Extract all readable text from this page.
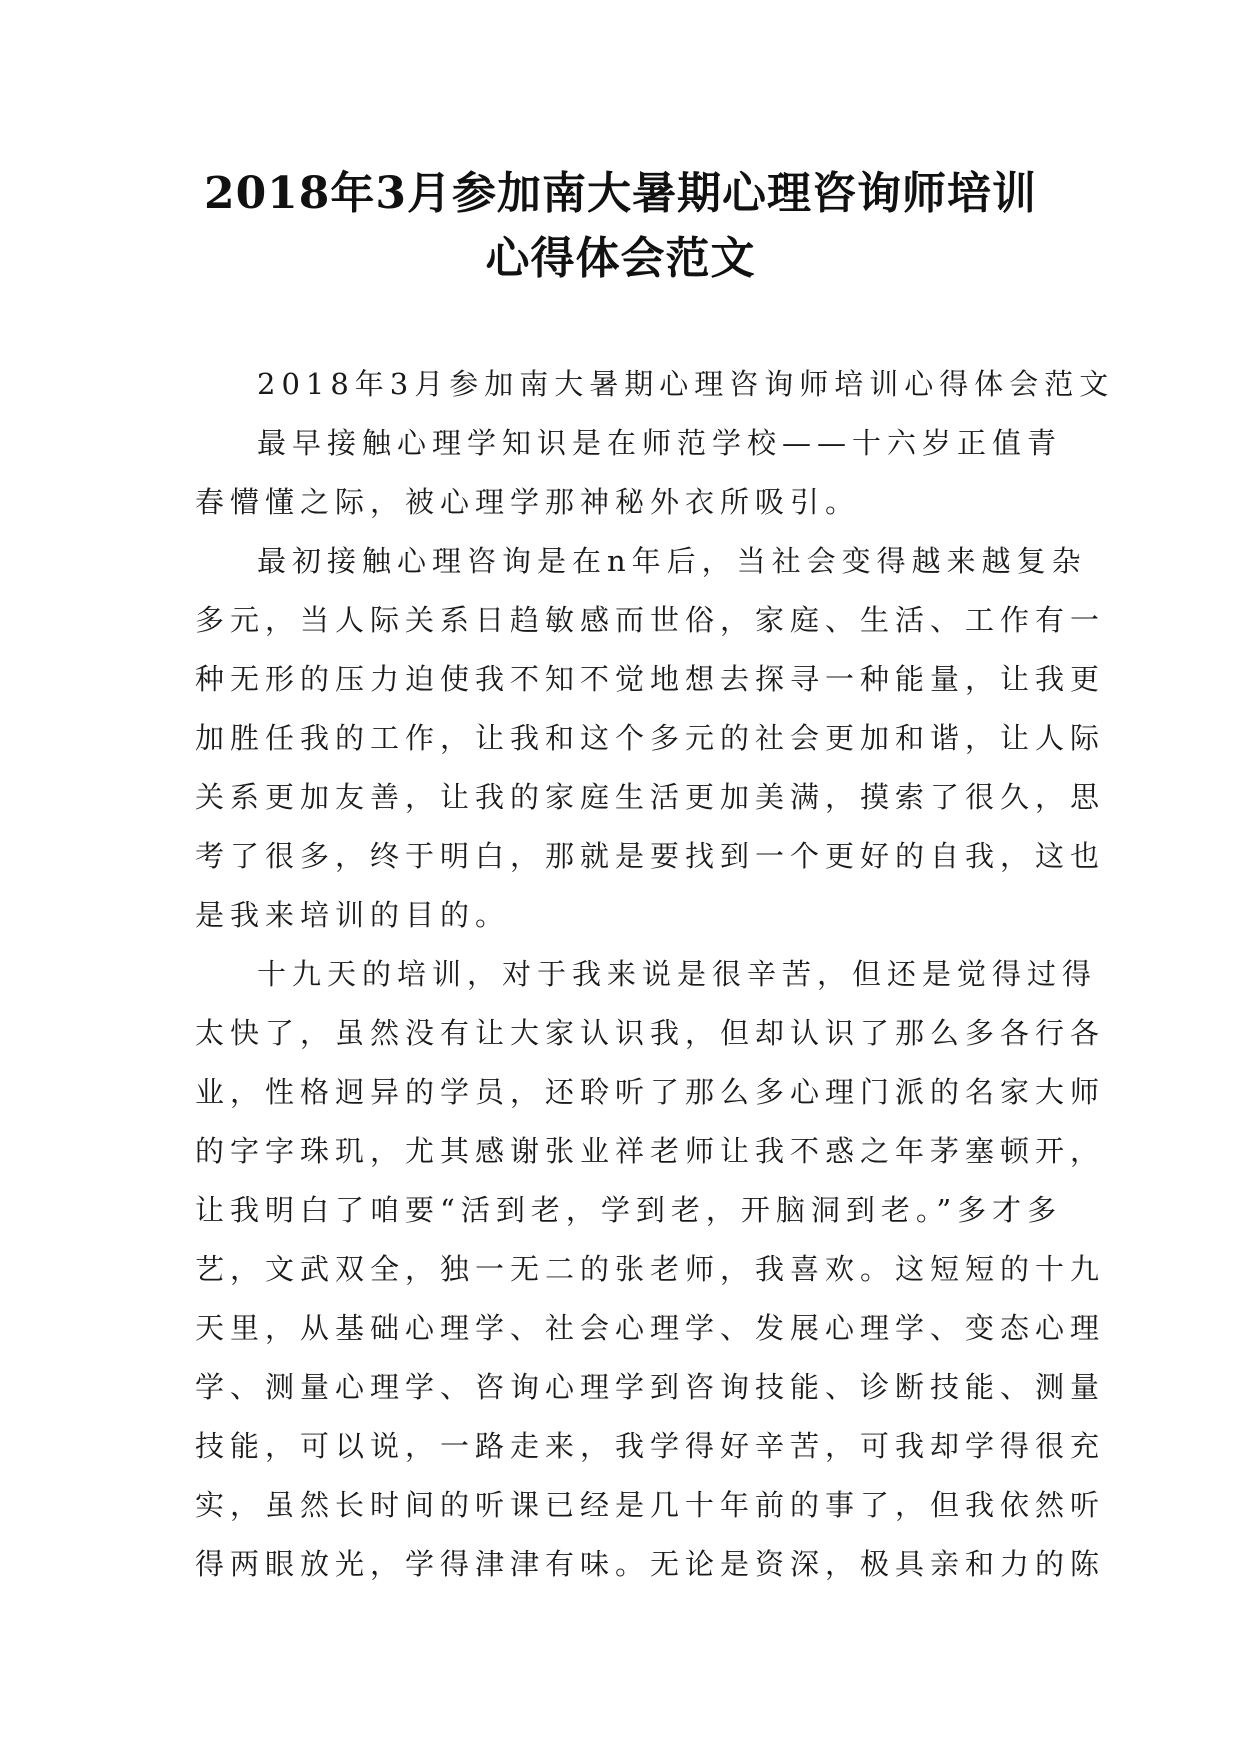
2018年3月参加南大暑期心理咨询师培训
心得体会范文
2018年3月参加南大暑期心理咨询师培训心得体会范文
最早接触心理学知识是在师范学校——十六岁正值青
春懵懂之际，被心理学那神秘外衣所吸引。
最初接触心理咨询是在n年后，当社会变得越来越复杂
多元，当人际关系日趋敏感而世俗，家庭、生活、工作有一
种无形的压力迫使我不知不觉地想去探寻一种能量，让我更
加胜任我的工作，让我和这个多元的社会更加和谐，让人际
关系更加友善，让我的家庭生活更加美满，摸索了很久，思
考了很多，终于明白，那就是要找到一个更好的自我，这也
是我来培训的目的。
十九天的培训，对于我来说是很辛苦，但还是觉得过得
太快了，虽然没有让大家认识我，但却认识了那么多各行各
业，性格迥异的学员，还聆听了那么多心理门派的名家大师
的字字珠玑，尤其感谢张业祥老师让我不惑之年茅塞顿开，
让我明白了咱要“活到老，学到老，开脑洞到老。”多才多
艺，文武双全，独一无二的张老师，我喜欢。这短短的十九
天里，从基础心理学、社会心理学、发展心理学、变态心理
学、测量心理学、咨询心理学到咨询技能、诊断技能、测量
技能，可以说，一路走来，我学得好辛苦，可我却学得很充
实，虽然长时间的听课已经是几十年前的事了，但我依然听
得两眼放光，学得津津有味。无论是资深，极具亲和力的陈
